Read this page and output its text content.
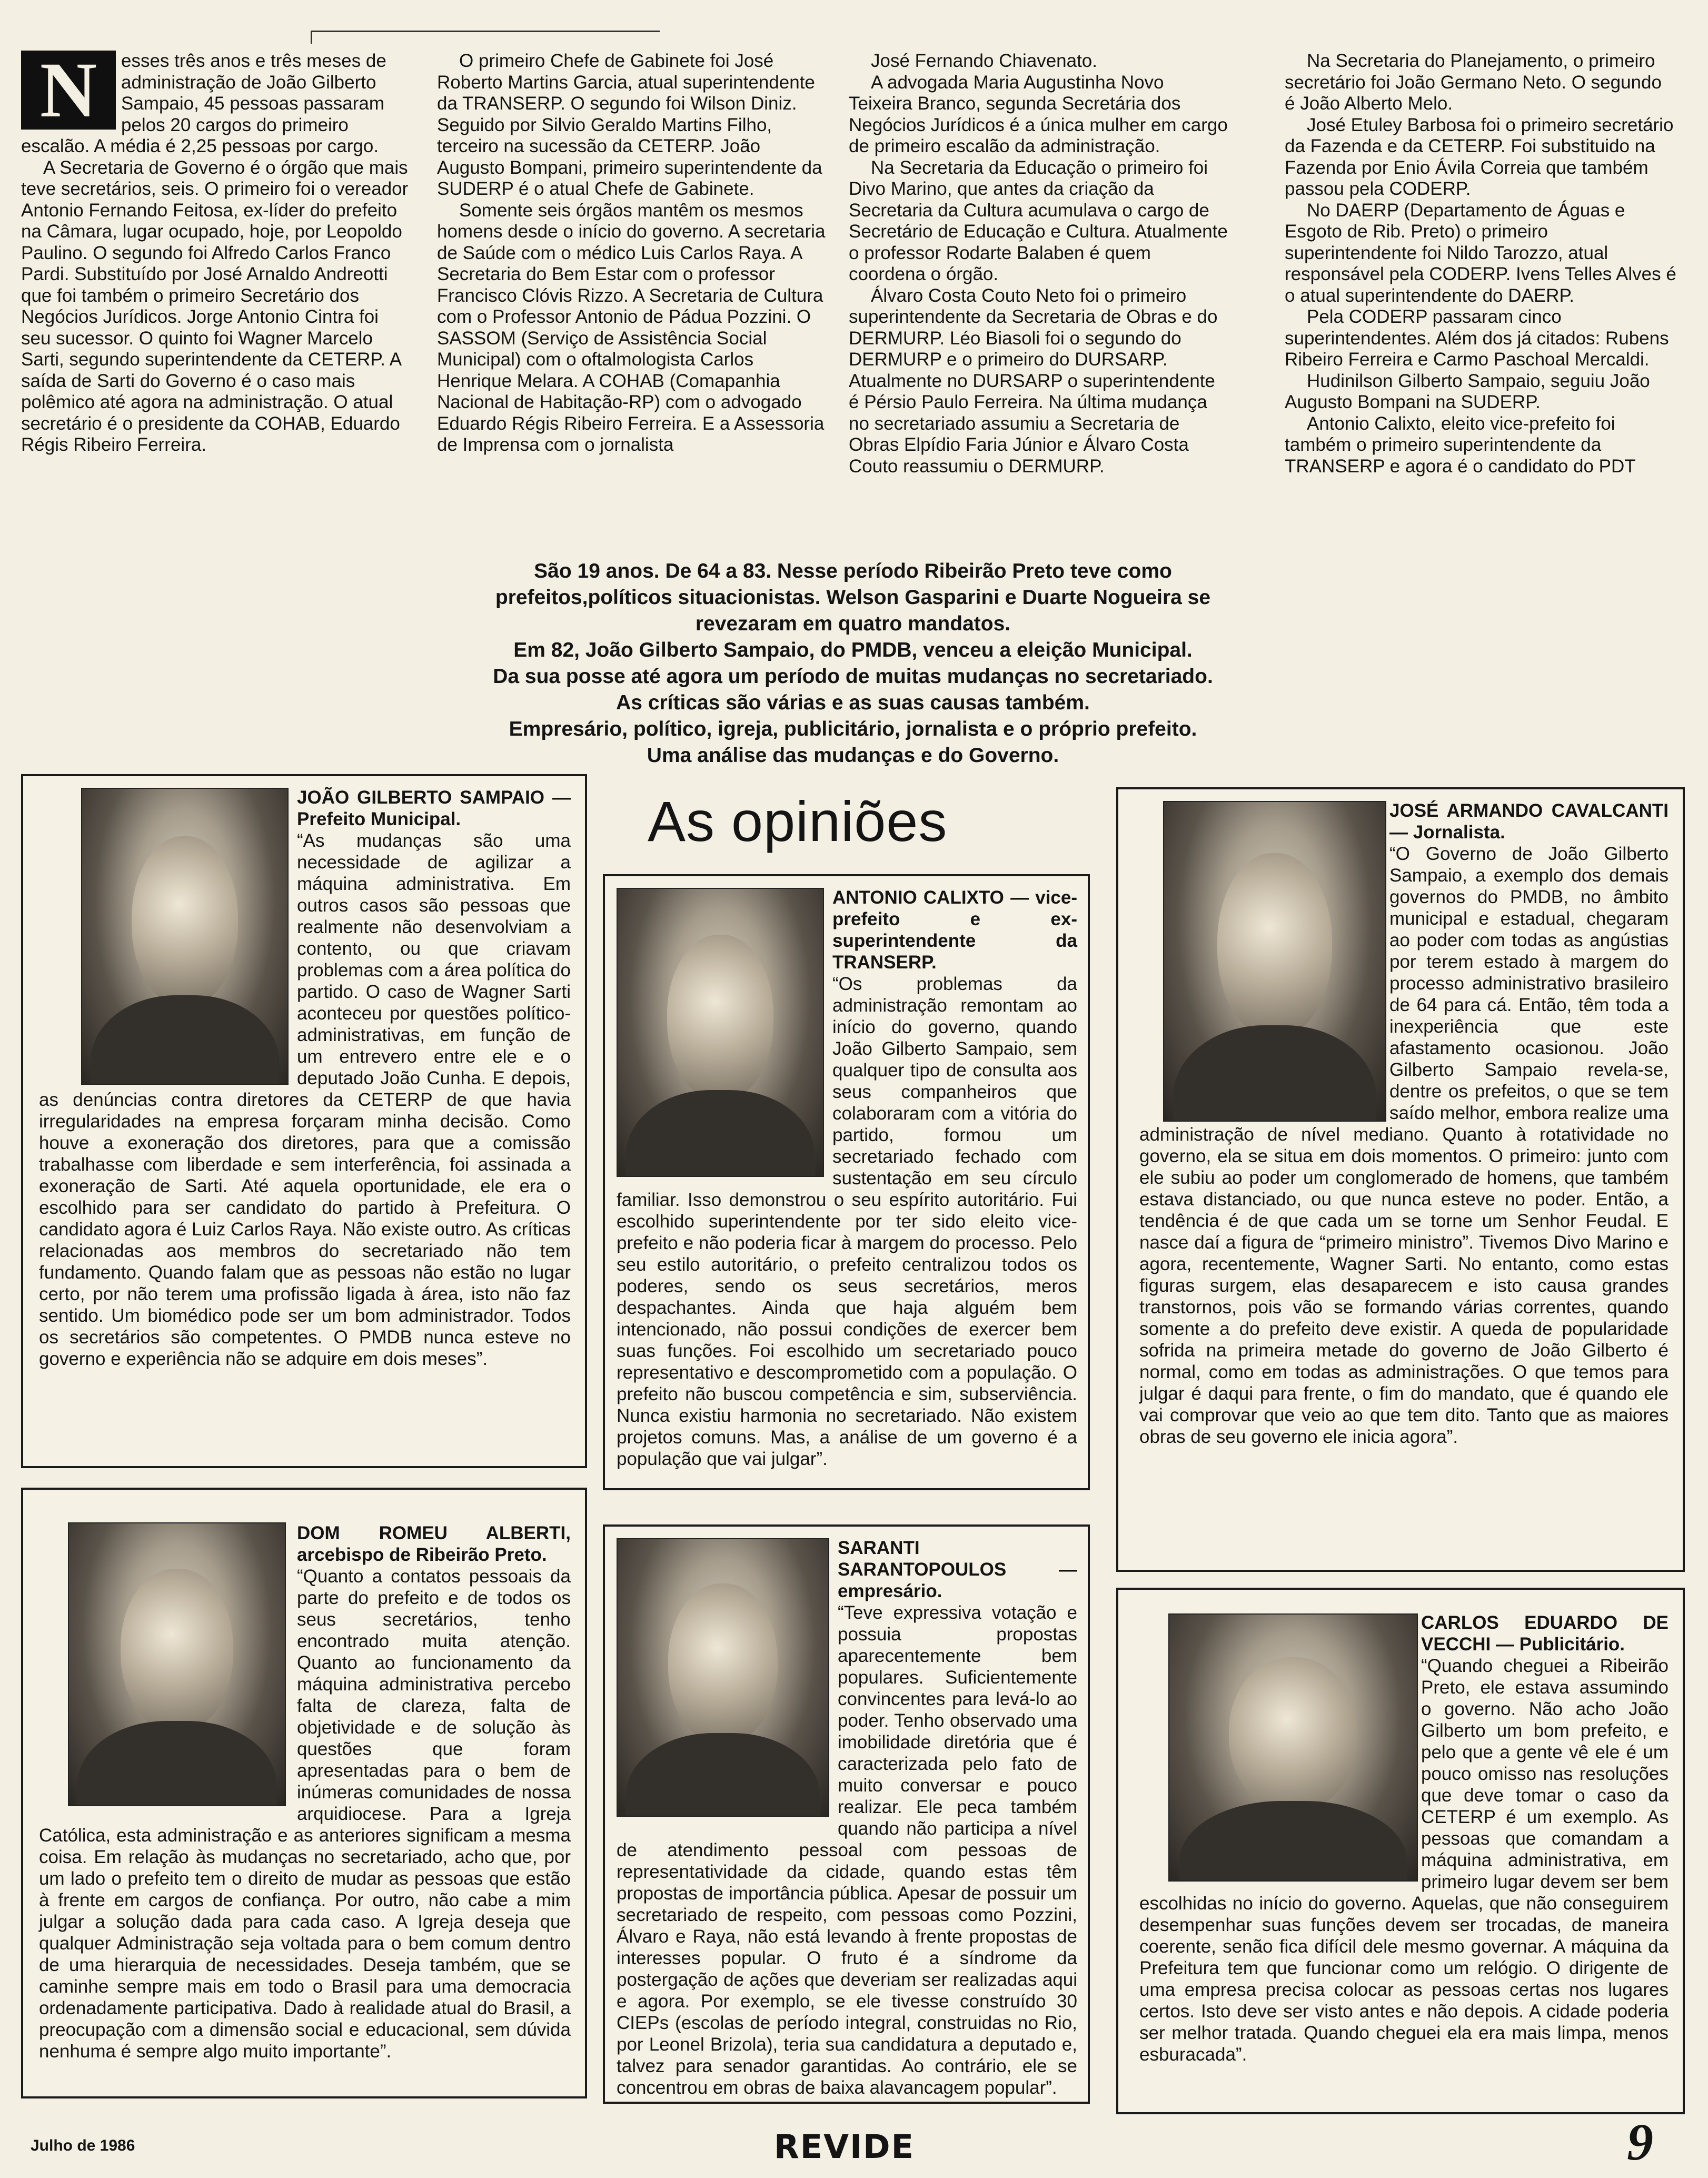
N	esses três anos e três meses de administração de João Gilberto Sampaio, 45 pessoas passaram pelos 20 cargos do primeiro escalão. A média é 2,25 pessoas por cargo.

A Secretaria de Governo é o órgão que mais teve secretários, seis. O primeiro foi o vereador Antonio Fernando Feitosa, ex-líder do prefeito na Câmara, lugar ocupado, hoje, por Leopoldo Paulino. O segundo foi Alfredo Carlos Franco Pardi. Substituído por José Arnaldo Andreotti que foi também o primeiro Secretário dos Negócios Jurídicos. Jorge Antonio Cintra foi seu sucessor. O quinto foi Wagner Marcelo Sarti, segundo superintendente da CETERP. A saída de Sarti do Governo é o caso mais polêmico até agora na administração. O atual secretário é o presidente da COHAB, Eduardo Régis Ribeiro Ferreira.

O primeiro Chefe de Gabinete foi José Roberto Martins Garcia, atual superintendente da TRANSERP. O segundo foi Wilson Diniz. Seguido por Silvio Geraldo Martins Filho, terceiro na sucessão da CETERP. João Augusto Bompani, primeiro superintendente da SUDERP é o atual Chefe de Gabinete.

Somente seis órgãos mantêm os mesmos homens desde o início do governo. A secretaria de Saúde com o médico Luis Carlos Raya. A Secretaria do Bem Estar com o professor Francisco Clóvis Rizzo. A Secretaria de Cultura com o Professor Antonio de Pádua Pozzini. O SASSOM (Serviço de Assistência Social Municipal) com o oftalmologista Carlos Henrique Melara. A COHAB (Comapanhia Nacional de Habitação-RP) com o advogado Eduardo Régis Ribeiro Ferreira. E a Assessoria de Imprensa com o jornalista

José Fernando Chiavenato.

A advogada Maria Augustinha Novo Teixeira Branco, segunda Secretária dos Negócios Jurídicos é a única mulher em cargo de primeiro escalão da administração.

Na Secretaria da Educação o primeiro foi Divo Marino, que antes da criação da Secretaria da Cultura acumulava o cargo de Secretário de Educação e Cultura. Atualmente o professor Rodarte Balaben é quem coordena o órgão.

Álvaro Costa Couto Neto foi o primeiro superintendente da Secretaria de Obras e do DERMURP. Léo Biasoli foi o segundo do DERMURP e o primeiro do DURSARP. Atualmente no DURSARP o superintendente é Pérsio Paulo Ferreira. Na última mudança no secretariado assumiu a Secretaria de Obras Elpídio Faria Júnior e Álvaro Costa Couto reassumiu o DERMURP.

Na Secretaria do Planejamento, o primeiro secretário foi João Germano Neto. O segundo é João Alberto Melo.

José Etuley Barbosa foi o primeiro secretário da Fazenda e da CETERP. Foi substituido na Fazenda por Enio Ávila Correia que também passou pela CODERP.

No DAERP (Departamento de Águas e Esgoto de Rib. Preto) o primeiro superintendente foi Nildo Tarozzo, atual responsável pela CODERP. Ivens Telles Alves é o atual superintendente do DAERP.

Pela CODERP passaram cinco superintendentes. Além dos já citados: Rubens Ribeiro Ferreira e Carmo Paschoal Mercaldi.

Hudinilson Gilberto Sampaio, seguiu João Augusto Bompani na SUDERP.

Antonio Calixto, eleito vice-prefeito foi também o primeiro superintendente da TRANSERP e agora é o candidato do PDT

São 19 anos. De 64 a 83. Nesse período Ribeirão Preto teve como
prefeitos,políticos situacionistas. Welson Gasparini e Duarte Nogueira se
revezaram em quatro mandatos.
Em 82, João Gilberto Sampaio, do PMDB, venceu a eleição Municipal.
Da sua posse até agora um período de muitas mudanças no secretariado.
As críticas são várias e as suas causas também.
Empresário, político, igreja, publicitário, jornalista e o próprio prefeito.
Uma análise das mudanças e do Governo.
As opiniões
JOÃO GILBERTO SAMPAIO — Prefeito Municipal.
“As mudanças são uma necessidade de agilizar a máquina administrativa. Em outros casos são pessoas que realmente não desenvolviam a contento, ou que criavam problemas com a área política do partido. O caso de Wagner Sarti aconteceu por questões político-administrativas, em função de um entrevero entre ele e o deputado João Cunha. E depois, as denúncias contra diretores da CETERP de que havia irregularidades na empresa forçaram minha decisão. Como houve a exoneração dos diretores, para que a comissão trabalhasse com liberdade e sem interferência, foi assinada a exoneração de Sarti. Até aquela oportunidade, ele era o escolhido para ser candidato do partido à Prefeitura. O candidato agora é Luiz Carlos Raya. Não existe outro. As críticas relacionadas aos membros do secretariado não tem fundamento. Quando falam que as pessoas não estão no lugar certo, por não terem uma profissão ligada à área, isto não faz sentido. Um biomédico pode ser um bom administrador. Todos os secretários são competentes. O PMDB nunca esteve no governo e experiência não se adquire em dois meses”.
ANTONIO CALIXTO — vice-prefeito e ex-superintendente da TRANSERP.
“Os problemas da administração remontam ao início do governo, quando João Gilberto Sampaio, sem qualquer tipo de consulta aos seus companheiros que colaboraram com a vitória do partido, formou um secretariado fechado com sustentação em seu círculo familiar. Isso demonstrou o seu espírito autoritário. Fui escolhido superintendente por ter sido eleito vice-prefeito e não poderia ficar à margem do processo. Pelo seu estilo autoritário, o prefeito centralizou todos os poderes, sendo os seus secretários, meros despachantes. Ainda que haja alguém bem intencionado, não possui condições de exercer bem suas funções. Foi escolhido um secretariado pouco representativo e descomprometido com a população. O prefeito não buscou competência e sim, subserviência. Nunca existiu harmonia no secretariado. Não existem projetos comuns. Mas, a análise de um governo é a população que vai julgar”.
JOSÉ ARMANDO CAVALCANTI — Jornalista.
“O Governo de João Gilberto Sampaio, a exemplo dos demais governos do PMDB, no âmbito municipal e estadual, chegaram ao poder com todas as angústias por terem estado à margem do processo administrativo brasileiro de 64 para cá. Então, têm toda a inexperiência que este afastamento ocasionou. João Gilberto Sampaio revela-se, dentre os prefeitos, o que se tem saído melhor, embora realize uma administração de nível mediano. Quanto à rotatividade no governo, ela se situa em dois momentos. O primeiro: junto com ele subiu ao poder um conglomerado de homens, que também estava distanciado, ou que nunca esteve no poder. Então, a tendência é de que cada um se torne um Senhor Feudal. E nasce daí a figura de “primeiro ministro”. Tivemos Divo Marino e agora, recentemente, Wagner Sarti. No entanto, como estas figuras surgem, elas desaparecem e isto causa grandes transtornos, pois vão se formando várias correntes, quando somente a do prefeito deve existir. A queda de popularidade sofrida na primeira metade do governo de João Gilberto é normal, como em todas as administrações. O que temos para julgar é daqui para frente, o fim do mandato, que é quando ele vai comprovar que veio ao que tem dito. Tanto que as maiores obras de seu governo ele inicia agora”.
DOM ROMEU ALBERTI, arcebispo de Ribeirão Preto.
“Quanto a contatos pessoais da parte do prefeito e de todos os seus secretários, tenho encontrado muita atenção. Quanto ao funcionamento da máquina administrativa percebo falta de clareza, falta de objetividade e de solução às questões que foram apresentadas para o bem de inúmeras comunidades de nossa arquidiocese. Para a Igreja Católica, esta administração e as anteriores significam a mesma coisa. Em relação às mudanças no secretariado, acho que, por um lado o prefeito tem o direito de mudar as pessoas que estão à frente em cargos de confiança. Por outro, não cabe a mim julgar a solução dada para cada caso. A Igreja deseja que qualquer Administração seja voltada para o bem comum dentro de uma hierarquia de necessidades. Deseja também, que se caminhe sempre mais em todo o Brasil para uma democracia ordenadamente participativa. Dado à realidade atual do Brasil, a preocupação com a dimensão social e educacional, sem dúvida nenhuma é sempre algo muito importante”.
SARANTI SARANTOPOULOS	— empresário.
“Teve expressiva votação e possuia propostas aparecentemente bem populares. Suficientemente convincentes para levá-lo ao poder. Tenho observado uma imobilidade diretória que é caracterizada pelo fato de muito conversar e pouco realizar. Ele peca também quando não participa a nível de atendimento pessoal com pessoas de representatividade da cidade, quando estas têm propostas de importância pública. Apesar de possuir um secretariado de respeito, com pessoas como Pozzini, Álvaro e Raya, não está levando à frente propostas de interesses popular. O fruto é a síndrome da postergação de ações que deveriam ser realizadas aqui e agora. Por exemplo, se ele tivesse construído 30 CIEPs (escolas de período integral, construidas no Rio, por Leonel Brizola), teria sua candidatura a deputado e, talvez para senador garantidas. Ao contrário, ele se concentrou em obras de baixa alavancagem popular”.
CARLOS EDUARDO DE VECCHI — Publicitário.
“Quando cheguei a Ribeirão Preto, ele estava assumindo o governo. Não acho João Gilberto um bom prefeito, e pelo que a gente vê ele é um pouco omisso nas resoluções que deve tomar o caso da CETERP é um exemplo. As pessoas que comandam a máquina administrativa, em primeiro lugar devem ser bem escolhidas no início do governo. Aquelas, que não conseguirem desempenhar suas funções devem ser trocadas, de maneira coerente, senão fica difícil dele mesmo governar. A máquina da Prefeitura tem que funcionar como um relógio. O dirigente de uma empresa precisa colocar as pessoas certas nos lugares certos. Isto deve ser visto antes e não depois. A cidade poderia ser melhor tratada. Quando cheguei ela era mais limpa, menos esburacada”.
Julho de 1986	REVIDE	9
